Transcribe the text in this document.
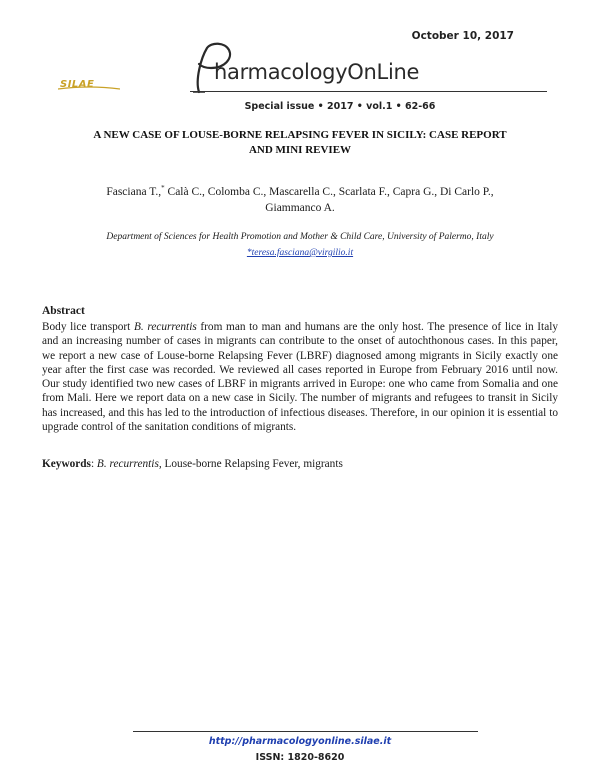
October 10, 2017
SILAE
harmacologyOnLine
Special issue • 2017 • vol.1 • 62-66
A NEW CASE OF LOUSE-BORNE RELAPSING FEVER IN SICILY: CASE REPORT
AND MINI REVIEW
Fasciana T.,* Calà C., Colomba C., Mascarella C., Scarlata F., Capra G., Di Carlo P.,
Giammanco A.
Department of Sciences for Health Promotion and Mother & Child Care, University of Palermo, Italy
*teresa.fasciana@virgilio.it
Abstract
Body lice transport B. recurrentis from man to man and humans are the only host. The presence of lice in Italy and an increasing number of cases in migrants can contribute to the onset of autochthonous cases. In this paper, we report a new case of Louse-borne Relapsing Fever (LBRF) diagnosed among migrants in Sicily exactly one year after the first case was recorded. We reviewed all cases reported in Europe from February 2016 until now. Our study identified two new cases of LBRF in migrants arrived in Europe: one who came from Somalia and one from Mali. Here we report data on a new case in Sicily. The number of migrants and refugees to transit in Sicily has increased, and this has led to the introduction of infectious diseases. Therefore, in our opinion it is essential to upgrade control of the sanitation conditions of migrants.
Keywords: B. recurrentis, Louse-borne Relapsing Fever, migrants
http://pharmacologyonline.silae.it
ISSN: 1820-8620
